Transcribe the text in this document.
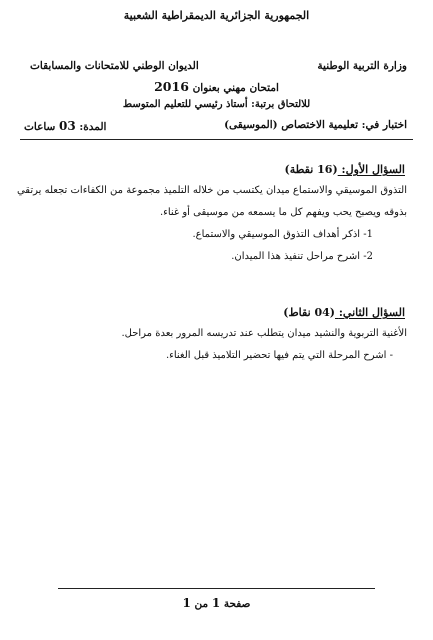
الجمهورية الجزائرية الديمقراطية الشعبية
وزارة التربية الوطنية
الديوان الوطني للامتحانات والمسابقات
امتحان مهني بعنوان 2016
للالتحاق برتبة: أستاذ رئيسي للتعليم المتوسط
اختبار في: تعليمية الاختصاص (الموسيقى)
المدة: 03 ساعات
السؤال الأول: (16 نقطة)
التذوق الموسيقي والاستماع ميدان يكتسب من خلاله التلميذ مجموعة من الكفاءات تجعله يرتقي
بذوقه ويصبح يحب ويفهم كل ما يسمعه من موسيقى أو غناء.
1- اذكر أهداف التذوق الموسيقي والاستماع.
2- اشرح مراحل تنفيذ هذا الميدان.
السؤال الثاني: (04 نقاط)
الأغنية التربوية والنشيد ميدان يتطلب عند تدريسه المرور بعدة مراحل.
- اشرح المرحلة التي يتم فيها تحضير التلاميذ قبل الغناء.
صفحة 1 من 1
